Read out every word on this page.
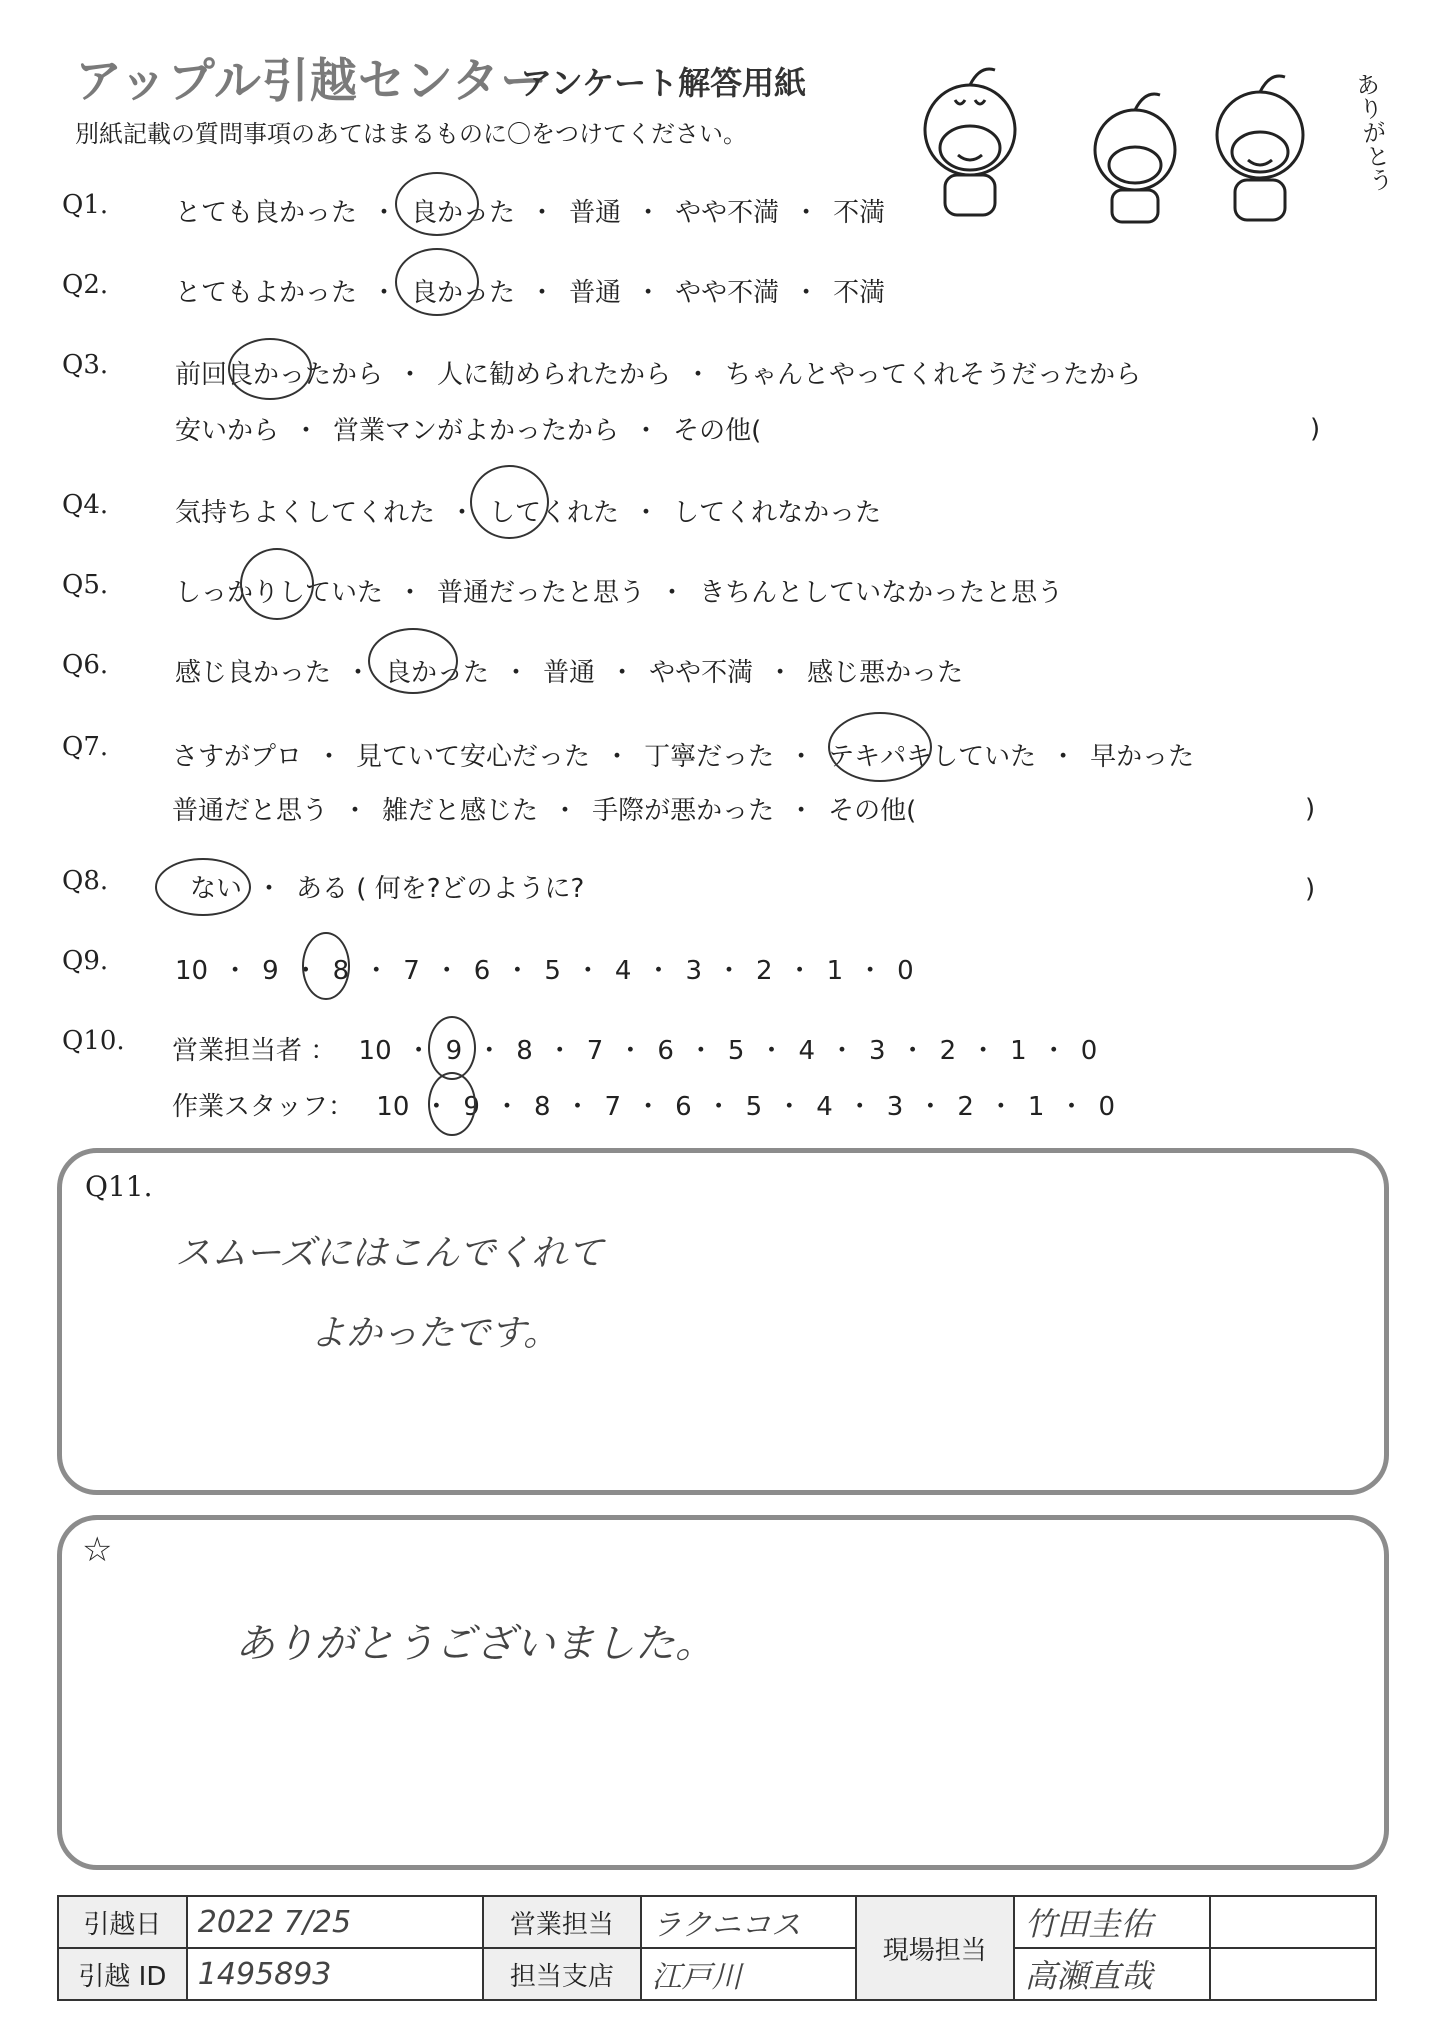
アップル引越センター
アンケート解答用紙
別紙記載の質問事項のあてはまるものに〇をつけてください。	ありがとう
Q1.	とても良かった ・ 良かった ・ 普通 ・ やや不満 ・ 不満
Q2.	とてもよかった ・ 良かった ・ 普通 ・ やや不満 ・ 不満
Q3.	前回良かったから ・ 人に勧められたから ・ ちゃんとやってくれそうだったから
安いから ・ 営業マンがよかったから ・ その他(	)
Q4.	気持ちよくしてくれた ・ してくれた ・ してくれなかった
Q5.	しっかりしていた ・ 普通だったと思う ・ きちんとしていなかったと思う
Q6.	感じ良かった ・ 良かった ・ 普通 ・ やや不満 ・ 感じ悪かった
Q7. さすがプロ ・ 見ていて安心だった ・ 丁寧だった ・ テキパキしていた ・ 早かった
普通だと思う ・ 雑だと感じた ・ 手際が悪かった ・ その他(	)
Q8.	ない ・ ある ( 何を?どのように?	)
Q9.	10 ・ 9 ・ 8 ・ 7 ・ 6 ・ 5 ・ 4 ・ 3 ・ 2 ・ 1 ・ 0
Q10. 営業担当者 ： 10 ・ 9 ・ 8 ・ 7 ・ 6 ・ 5 ・ 4 ・ 3 ・ 2 ・ 1 ・ 0
作業スタッフ： 10 ・ 9 ・ 8 ・ 7 ・ 6 ・ 5 ・ 4 ・ 3 ・ 2 ・ 1 ・ 0
Q11.
スムーズにはこんでくれて
よかったです。
☆
ありがとうございました。
引越日	2022 7/25	営業担当	ラクニコス	現場担当	竹田圭佑	
引越 ID	1495893	担当支店	江戸川		高瀬直哉	
